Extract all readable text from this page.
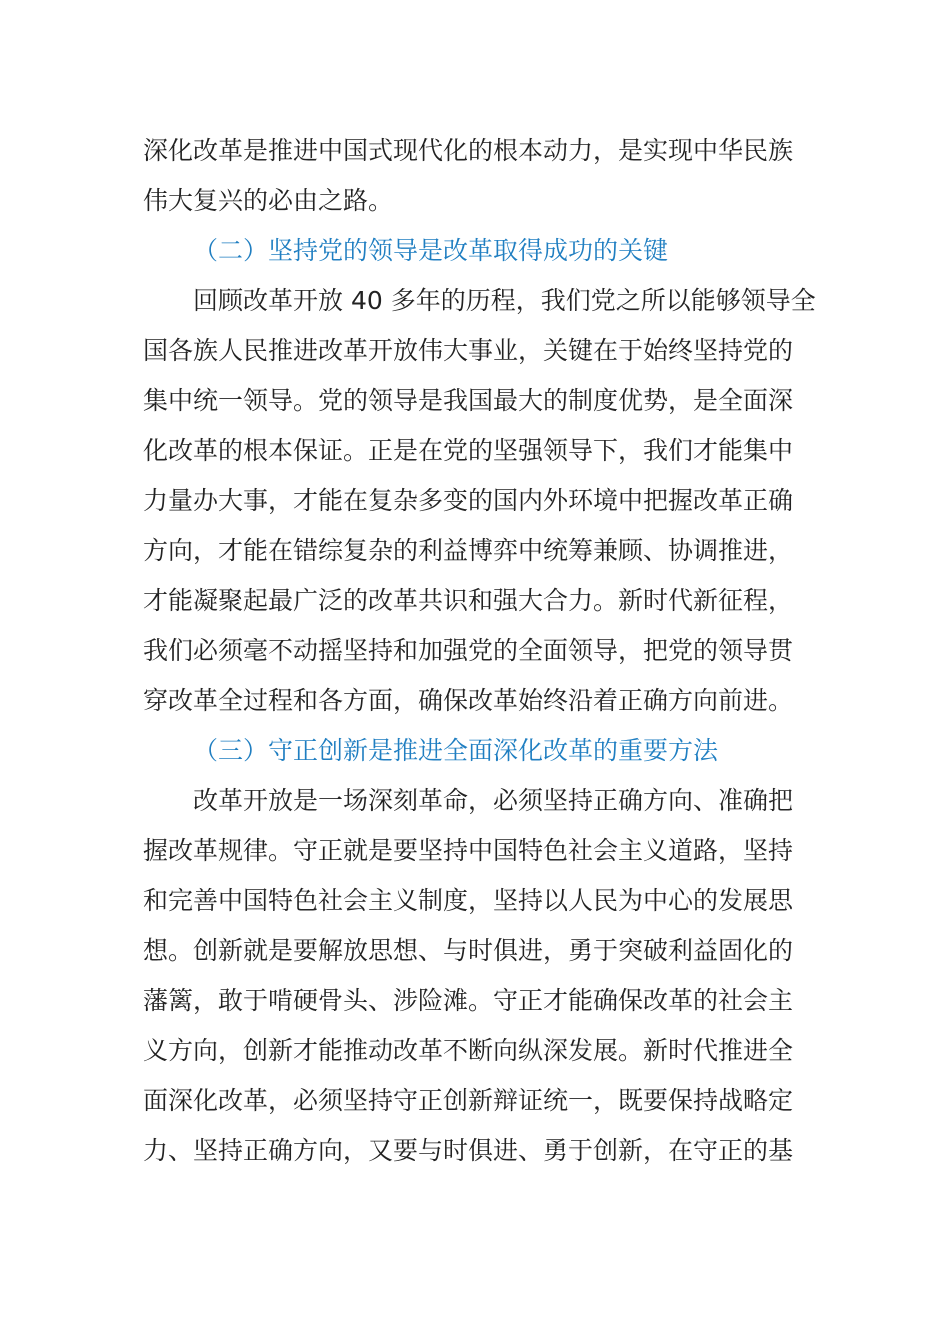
深化改革是推进中国式现代化的根本动力，是实现中华民族
伟大复兴的必由之路。
（二）坚持党的领导是改革取得成功的关键
回顾改革开放 40 多年的历程，我们党之所以能够领导全
国各族人民推进改革开放伟大事业，关键在于始终坚持党的
集中统一领导。党的领导是我国最大的制度优势，是全面深
化改革的根本保证。正是在党的坚强领导下，我们才能集中
力量办大事，才能在复杂多变的国内外环境中把握改革正确
方向，才能在错综复杂的利益博弈中统筹兼顾、协调推进，
才能凝聚起最广泛的改革共识和强大合力。新时代新征程，
我们必须毫不动摇坚持和加强党的全面领导，把党的领导贯
穿改革全过程和各方面，确保改革始终沿着正确方向前进。
（三）守正创新是推进全面深化改革的重要方法
改革开放是一场深刻革命，必须坚持正确方向、准确把
握改革规律。守正就是要坚持中国特色社会主义道路，坚持
和完善中国特色社会主义制度，坚持以人民为中心的发展思
想。创新就是要解放思想、与时俱进，勇于突破利益固化的
藩篱，敢于啃硬骨头、涉险滩。守正才能确保改革的社会主
义方向，创新才能推动改革不断向纵深发展。新时代推进全
面深化改革，必须坚持守正创新辩证统一，既要保持战略定
力、坚持正确方向，又要与时俱进、勇于创新，在守正的基
